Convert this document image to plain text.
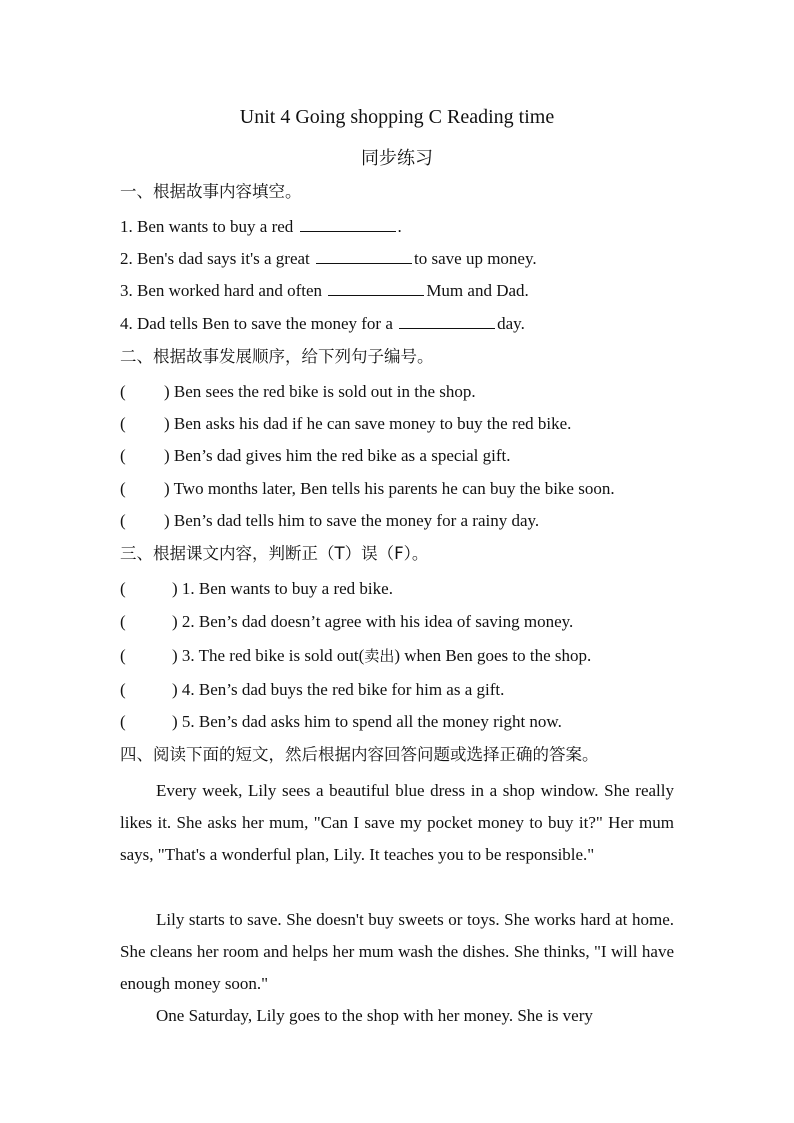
Unit 4 Going shopping C Reading time
同步练习
一、根据故事内容填空。
1. Ben wants to buy a red	.
2. Ben's dad says it's a great	to save up money.
3. Ben worked hard and often	Mum and Dad.
4. Dad tells Ben to save the money for a	day.
二、根据故事发展顺序，给下列句子编号。
( ) Ben sees the red bike is sold out in the shop.
( ) Ben asks his dad if he can save money to buy the red bike.
( ) Ben’s dad gives him the red bike as a special gift.
( ) Two months later, Ben tells his parents he can buy the bike soon.
( ) Ben’s dad tells him to save the money for a rainy day.
三、根据课文内容，判断正（T）误（F）。
(	) 1. Ben wants to buy a red bike.
(	) 2. Ben’s dad doesn’t agree with his idea of saving money.
(	) 3. The red bike is sold out(卖出) when Ben goes to the shop.
(	) 4. Ben’s dad buys the red bike for him as a gift.
(	) 5. Ben’s dad asks him to spend all the money right now.
四、阅读下面的短文，然后根据内容回答问题或选择正确的答案。
Every week, Lily sees a beautiful blue dress in a shop window. She really likes it. She asks her mum, "Can I save my pocket money to buy it?" Her mum says, "That's a wonderful plan, Lily. It teaches you to be responsible."
Lily starts to save. She doesn't buy sweets or toys. She works hard at home. She cleans her room and helps her mum wash the dishes. She thinks, "I will have enough money soon."
One Saturday, Lily goes to the shop with her money. She is very
